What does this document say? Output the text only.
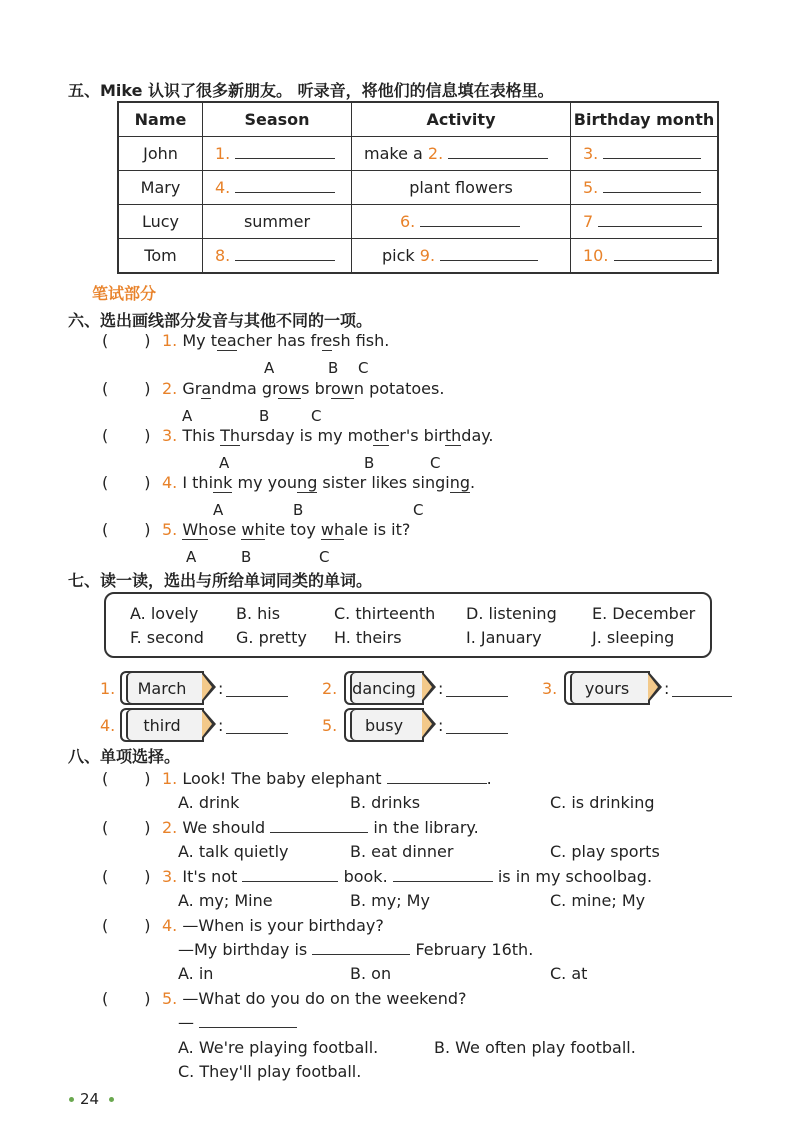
五、Mike 认识了很多新朋友。 听录音，将他们的信息填在表格里。
Name	Season	Activity	Birthday month
John	1.	make a 2.	3.
Mary	4.	plant flowers	5.
Lucy	summer	6.	7
Tom	8.	pick 9.	10.
笔试部分
六、选出画线部分发音与其他不同的一项。
( ) 1. My teacher has fresh fsh.
A	B C
( ) 2. Grandma grows brown potatoes.
A	B	C
( ) 3. This Thursday is my mother's birthday.
A	B	C
( ) 4. I think my young sister likes singing.
A	B	C
( ) 5. Whose white toy whale is it?
A	B	C
七、读一读，选出与所给单词同类的单词。
A. lovely B. his	C. thirteenth D. listening E. December
F. second G. pretty H. theirs	I. January	J. sleeping
1.	March	:	2. dancing	:	3.	yours	:
4.	third	:	5.	busy	:
八、单项选择。
( ) 1. Look! The baby elephant	.
A. drink	B. drinks	C. is drinking
( ) 2. We should	in the library.
A. talk quietly	B. eat dinner	C. play sports
( ) 3. It's not	book.	is in my schoolbag.
A. my; Mine	B. my; My	C. mine; My
( ) 4. —When is your birthday?
—My birthday is	February 16th.
A. in	B. on	C. at
( ) 5. —What do you do on the weekend?
—
A. We're playing football.	B. We often play football.
C. They'll play football.
24
